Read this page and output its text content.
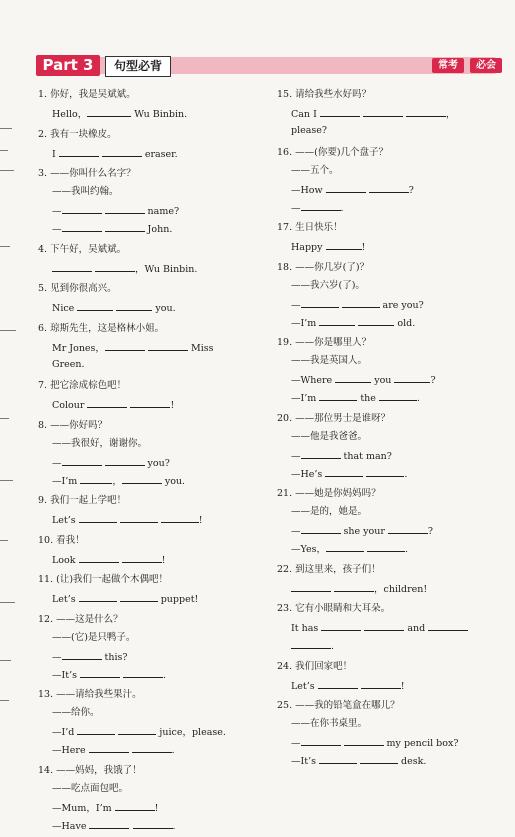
Part 3	句型必背	常考	必会
1. 你好，我是吴斌斌。
Hello，	Wu Binbin.
2. 我有一块橡皮。
I	eraser.
3. ——你叫什么名字？
——我叫约翰。
—	name?
—	John.
4. 下午好，吴斌斌。
，Wu Binbin.
5. 见到你很高兴。
Nice	you.
6. 琼斯先生，这是格林小姐。
Mr Jones，	Miss
Green.
7. 把它涂成棕色吧！
Colour	!
8. ——你好吗？
——我很好，谢谢你。
—	you?
—I’m	，	you.
9. 我们一起上学吧！
Let’s	!
10. 看我！
Look	!
11. (让)我们一起做个木偶吧！
Let’s	puppet!
12. ——这是什么？
——(它)是只鸭子。
—	this?
—It’s	.
13. ——请给我些果汁。
——给你。
—I’d	juice，please.
—Here	.
14. ——妈妈，我饿了！
——吃点面包吧。
—Mum，I’m	!
—Have	.
15. 请给我些水好吗？
Can I	，
please?
16. ——(你要)几个盘子？
——五个。
—How	?
—	.
17. 生日快乐！
Happy	!
18. ——你几岁(了)？
——我六岁(了)。
—	are you?
—I’m	old.
19. ——你是哪里人？
——我是英国人。
—Where	you	?
—I’m	the	.
20. ——那位男士是谁呀？
——他是我爸爸。
—	that man?
—He’s	.
21. ——她是你妈妈吗？
——是的，她是。
—	she your	?
—Yes，	.
22. 到这里来，孩子们！
，children!
23. 它有小眼睛和大耳朵。
It has	and
.
24. 我们回家吧！
Let’s	!
25. ——我的铅笔盒在哪儿？
——在你书桌里。
—	my pencil box?
—It’s	desk.
